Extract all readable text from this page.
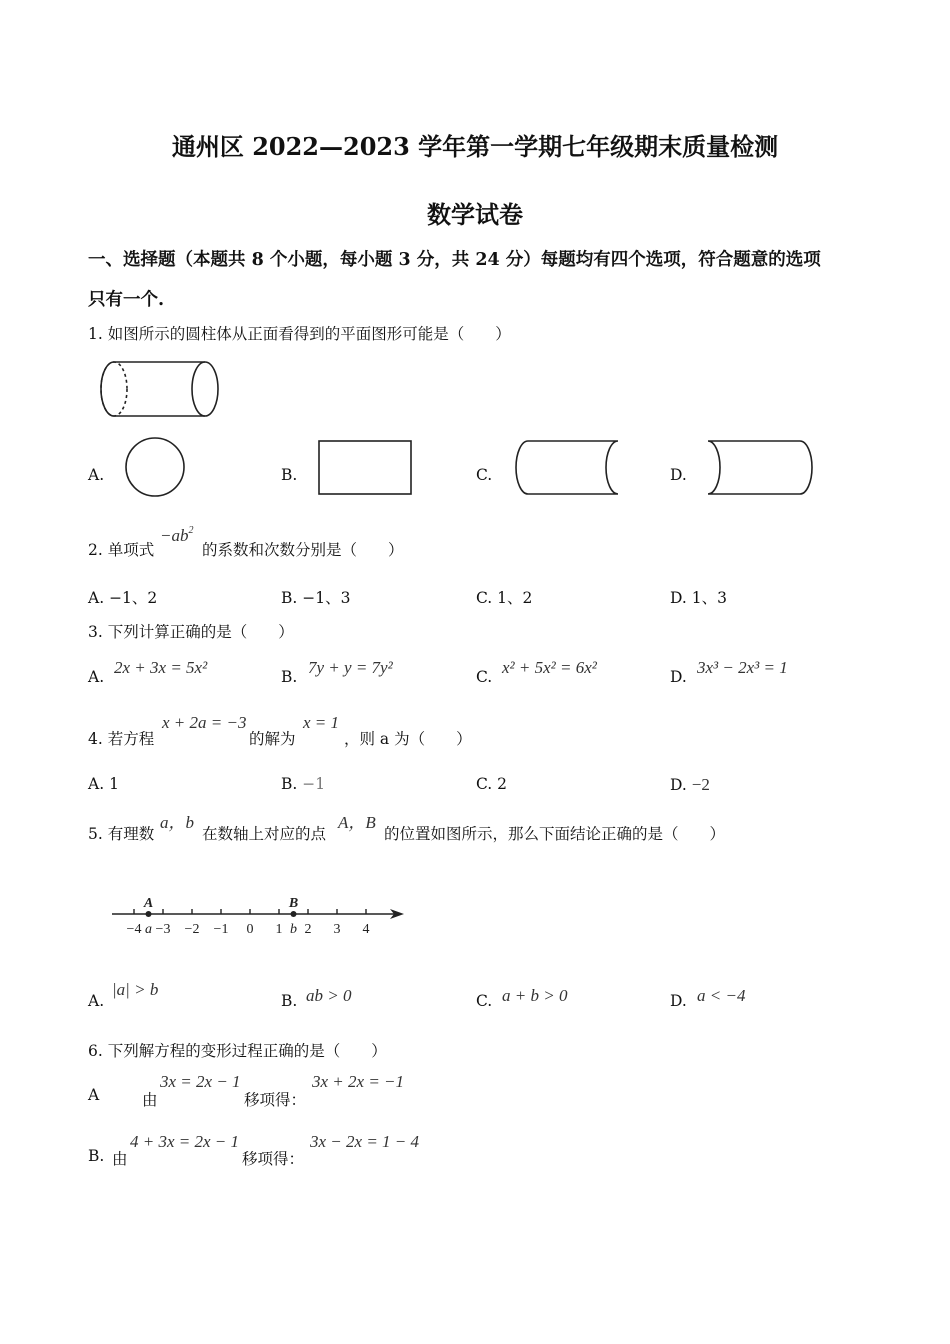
通州区 2022—2023 学年第一学期七年级期末质量检测
数学试卷
一、选择题（本题共 8 个小题，每小题 3 分，共 24 分）每题均有四个选项，符合题意的选项
只有一个.
1. 如图所示的圆柱体从正面看得到的平面图形可能是（　　）
A.	B.	C.	D.
2. 单项式
$-ab^2$
的系数和次数分别是（　　）
A. −1、2	B. −1、3	C. 1、2	D. 1、3
3. 下列计算正确的是（　　）
A. 2x + 3x = 5x²	B. 7y + y = 7y²	C. x² + 5x² = 6x²	D. 3x³ − 2x³ = 1
4. 若方程
x + 2a = −3
的解为
x = 1
，则 a 为（　　）
A. 1	B. −1	C. 2	D. −2
5. 有理数
a，b
在数轴上对应的点
A，B
的位置如图所示，那么下面结论正确的是（　　）
−4 −3 −2 −1 0 1 2 3 4
A
a
B
b
A.
|a| > b
B. ab > 0	C. a + b > 0	D. a < −4
6. 下列解方程的变形过程正确的是（　　）
A	由
3x = 2x − 1
移项得：
3x + 2x = −1
B. 由
4 + 3x = 2x − 1
移项得：
3x − 2x = 1 − 4
